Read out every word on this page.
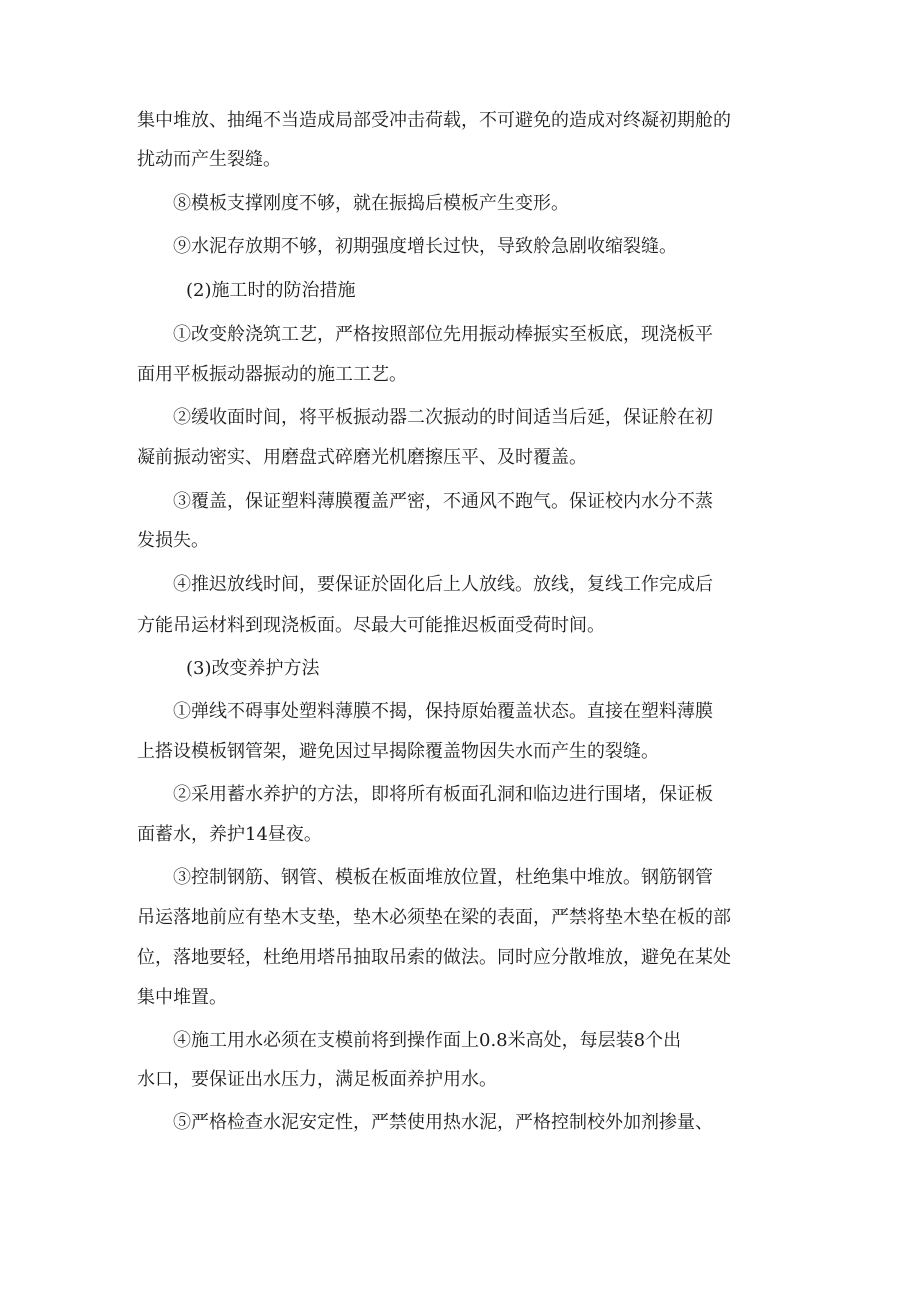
集中堆放、抽绳不当造成局部受冲击荷载，不可避免的造成对终凝初期舱的
扰动而产生裂缝。
⑧模板支撑刚度不够，就在振捣后模板产生变形。
⑨水泥存放期不够，初期强度增长过快，导致舲急剧收缩裂缝。
(2)施工时的防治措施
①改变舲浇筑工艺，严格按照部位先用振动棒振实至板底，现浇板平
面用平板振动器振动的施工工艺。
②缓收面时间，将平板振动器二次振动的时间适当后延，保证舲在初
凝前振动密实、用磨盘式碎磨光机磨擦压平、及时覆盖。
③覆盖，保证塑料薄膜覆盖严密，不通风不跑气。保证校内水分不蒸
发损失。
④推迟放线时间，要保证於固化后上人放线。放线，复线工作完成后
方能吊运材料到现浇板面。尽最大可能推迟板面受荷时间。
(3)改变养护方法
①弹线不碍事处塑料薄膜不揭，保持原始覆盖状态。直接在塑料薄膜
上搭设模板钢管架，避免因过早揭除覆盖物因失水而产生的裂缝。
②采用蓄水养护的方法，即将所有板面孔洞和临边进行围堵，保证板
面蓄水，养护14昼夜。
③控制钢筋、钢管、模板在板面堆放位置，杜绝集中堆放。钢筋钢管
吊运落地前应有垫木支垫，垫木必须垫在梁的表面，严禁将垫木垫在板的部
位，落地要轻，杜绝用塔吊抽取吊索的做法。同时应分散堆放，避免在某处
集中堆置。
④施工用水必须在支模前将到操作面上0.8米高处，每层装8个出
水口，要保证出水压力，满足板面养护用水。
⑤严格检查水泥安定性，严禁使用热水泥，严格控制校外加剂掺量、
